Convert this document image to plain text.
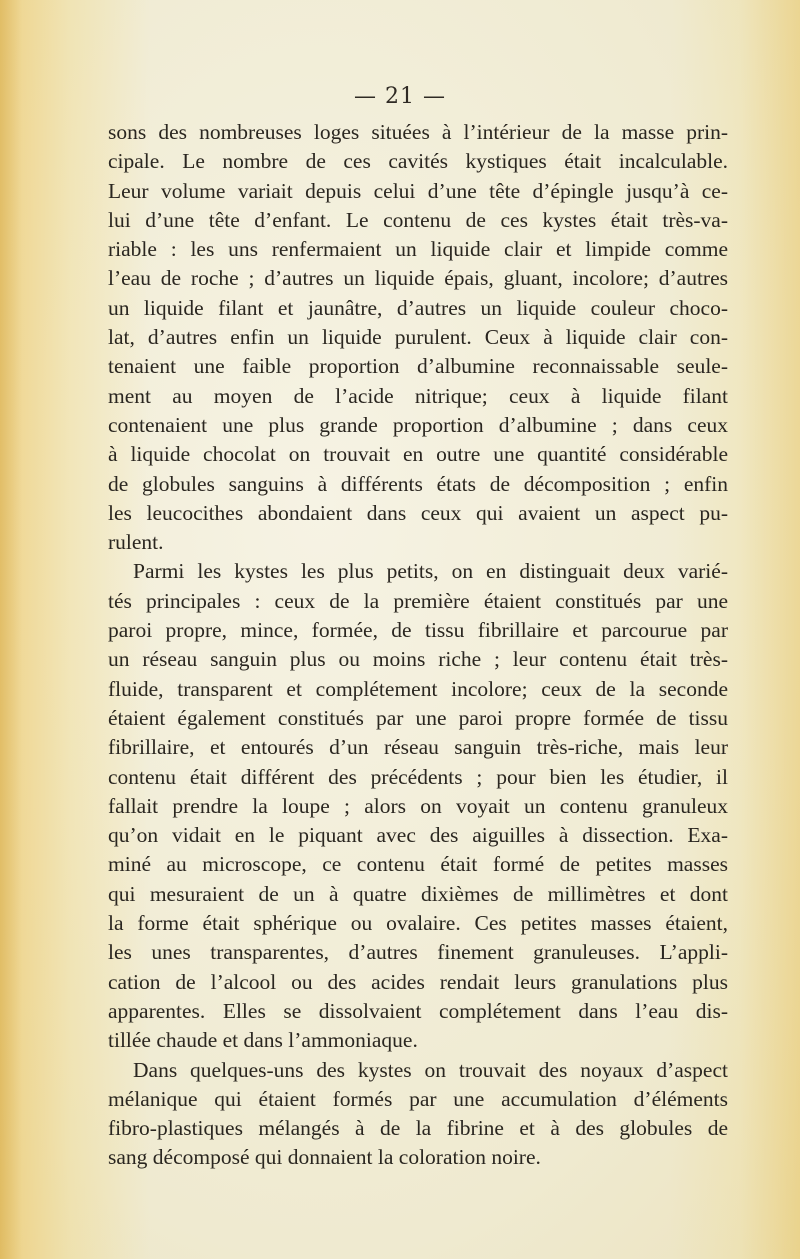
— 21 —
sons des nombreuses loges situées à l’intérieur de la masse prin-
cipale. Le nombre de ces cavités kystiques était incalculable.
Leur volume variait depuis celui d’une tête d’épingle jusqu’à ce-
lui d’une tête d’enfant. Le contenu de ces kystes était très-va-
riable : les uns renfermaient un liquide clair et limpide comme
l’eau de roche ; d’autres un liquide épais, gluant, incolore; d’autres
un liquide filant et jaunâtre, d’autres un liquide couleur choco-
lat, d’autres enfin un liquide purulent. Ceux à liquide clair con-
tenaient une faible proportion d’albumine reconnaissable seule-
ment au moyen de l’acide nitrique; ceux à liquide filant
contenaient une plus grande proportion d’albumine ; dans ceux
à liquide chocolat on trouvait en outre une quantité considérable
de globules sanguins à différents états de décomposition ; enfin
les leucocithes abondaient dans ceux qui avaient un aspect pu-
rulent.
Parmi les kystes les plus petits, on en distinguait deux varié-
tés principales : ceux de la première étaient constitués par une
paroi propre, mince, formée, de tissu fibrillaire et parcourue par
un réseau sanguin plus ou moins riche ; leur contenu était très-
fluide, transparent et complétement incolore; ceux de la seconde
étaient également constitués par une paroi propre formée de tissu
fibrillaire, et entourés d’un réseau sanguin très-riche, mais leur
contenu était différent des précédents ; pour bien les étudier, il
fallait prendre la loupe ; alors on voyait un contenu granuleux
qu’on vidait en le piquant avec des aiguilles à dissection. Exa-
miné au microscope, ce contenu était formé de petites masses
qui mesuraient de un à quatre dixièmes de millimètres et dont
la forme était sphérique ou ovalaire. Ces petites masses étaient,
les unes transparentes, d’autres finement granuleuses. L’appli-
cation de l’alcool ou des acides rendait leurs granulations plus
apparentes. Elles se dissolvaient complétement dans l’eau dis-
tillée chaude et dans l’ammoniaque.
Dans quelques-uns des kystes on trouvait des noyaux d’aspect
mélanique qui étaient formés par une accumulation d’éléments
fibro-plastiques mélangés à de la fibrine et à des globules de
sang décomposé qui donnaient la coloration noire.
